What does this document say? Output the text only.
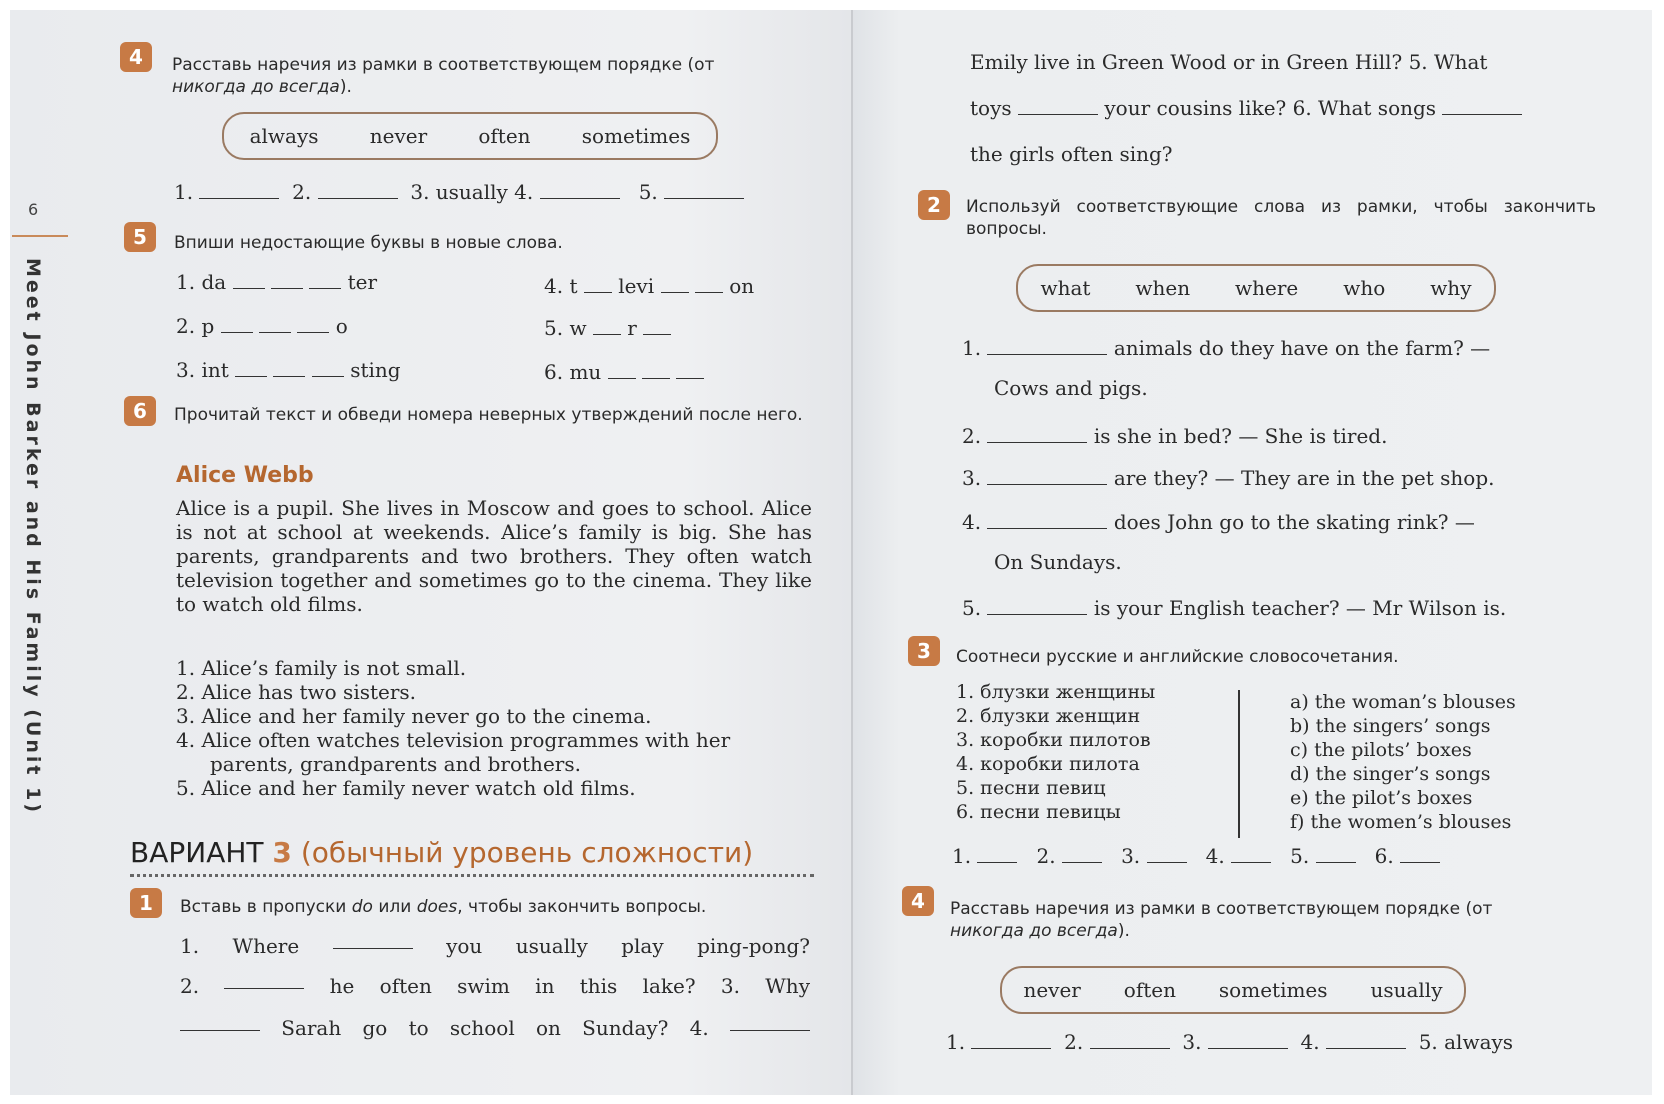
6
Meet John Barker and His Family (Unit 1)
4	Расставь наречия из рамки в соответствующем порядке (от
никогда до всегда).
always	never	often	sometimes
1.	2.	3. usually 4.	5.
5	Впиши недостающие буквы в новые слова.
1. da	ter	4. t levi	on
2. p	o	5. w r
3. int	sting	6. mu
6	Прочитай текст и обведи номера неверных утверждений после него.
Alice Webb
Alice is a pupil. She lives in Moscow and goes to school. Alice is not at school at weekends. Alice’s family is big. She has parents, grandparents and two brothers. They often watch television together and sometimes go to the cinema. They like to watch old films.
1. Alice’s family is not small.
2. Alice has two sisters.
3. Alice and her family never go to the cinema.
4. Alice often watches television programmes with her
parents, grandparents and brothers.
5. Alice and her family never watch old films.
ВАРИАНТ 3 (обычный уровень сложности)
1	Вставь в пропуски do или does, чтобы закончить вопросы.
1. Where	you usually play ping-pong?
2.	he often swim in this lake? 3. Why
Sarah go to school on Sunday? 4.
Emily live in Green Wood or in Green Hill? 5. What
toys	your cousins like? 6. What songs
the girls often sing?
2	Используй соответствующие слова из рамки, чтобы закончить вопросы.
what when where who why
1.	animals do they have on the farm? —
Cows and pigs.
2.	is she in bed? — She is tired.
3.	are they? — They are in the pet shop.
4.	does John go to the skating rink? —
On Sundays.
5.	is your English teacher? — Mr Wilson is.
3	Соотнеси русские и английские словосочетания.
1. блузки женщины
2. блузки женщин
3. коробки пилотов
4. коробки пилота
5. песни певиц
6. песни певицы
a) the woman’s blouses
b) the singers’ songs
c) the pilots’ boxes
d) the singer’s songs
e) the pilot’s boxes
f) the women’s blouses
1.	2.	3.	4.	5.	6.
4	Расставь наречия из рамки в соответствующем порядке (от
никогда до всегда).
never often sometimes usually
1.	2.	3.	4.	5. always
